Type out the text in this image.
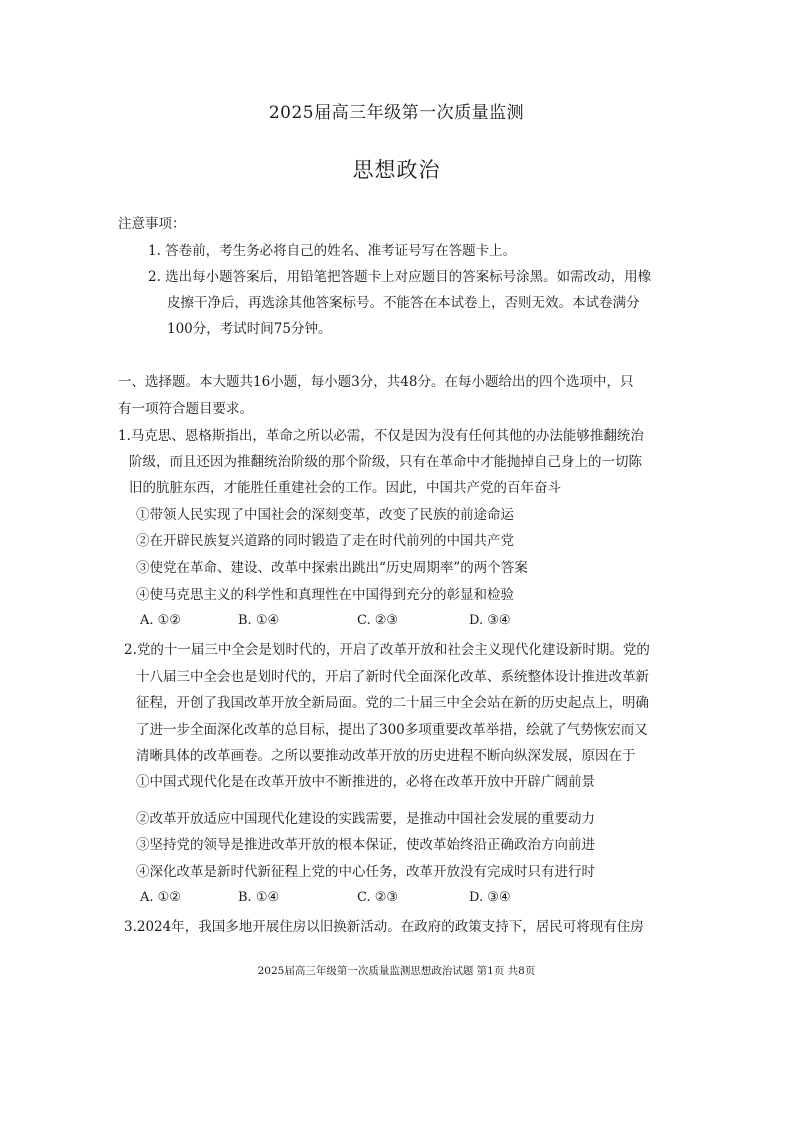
2025届高三年级第一次质量监测
思想政治
注意事项：
1. 答卷前，考生务必将自己的姓名、准考证号写在答题卡上。
2. 选出每小题答案后，用铅笔把答题卡上对应题目的答案标号涂黑。如需改动，用橡
皮擦干净后，再选涂其他答案标号。不能答在本试卷上，否则无效。本试卷满分
100分，考试时间75分钟。
一、选择题。本大题共16小题，每小题3分，共48分。在每小题给出的四个选项中，只
有一项符合题目要求。
1.马克思、恩格斯指出，革命之所以必需，不仅是因为没有任何其他的办法能够推翻统治
阶级，而且还因为推翻统治阶级的那个阶级，只有在革命中才能抛掉自己身上的一切陈
旧的肮脏东西，才能胜任重建社会的工作。因此，中国共产党的百年奋斗
①带领人民实现了中国社会的深刻变革，改变了民族的前途命运
②在开辟民族复兴道路的同时锻造了走在时代前列的中国共产党
③使党在革命、建设、改革中探索出跳出“历史周期率”的两个答案
④使马克思主义的科学性和真理性在中国得到充分的彰显和检验
A. ①②	B. ①④	C. ②③	D. ③④
2.党的十一届三中全会是划时代的，开启了改革开放和社会主义现代化建设新时期。党的
十八届三中全会也是划时代的，开启了新时代全面深化改革、系统整体设计推进改革新
征程，开创了我国改革开放全新局面。党的二十届三中全会站在新的历史起点上，明确
了进一步全面深化改革的总目标，提出了300多项重要改革举措，绘就了气势恢宏而又
清晰具体的改革画卷。之所以要推动改革开放的历史进程不断向纵深发展，原因在于
①中国式现代化是在改革开放中不断推进的，必将在改革开放中开辟广阔前景
②改革开放适应中国现代化建设的实践需要，是推动中国社会发展的重要动力
③坚持党的领导是推进改革开放的根本保证，使改革始终沿正确政治方向前进
④深化改革是新时代新征程上党的中心任务，改革开放没有完成时只有进行时
A. ①②	B. ①④	C. ②③	D. ③④
3.2024年，我国多地开展住房以旧换新活动。在政府的政策支持下，居民可将现有住房
2025届高三年级第一次质量监测思想政治试题 第1页 共8页
